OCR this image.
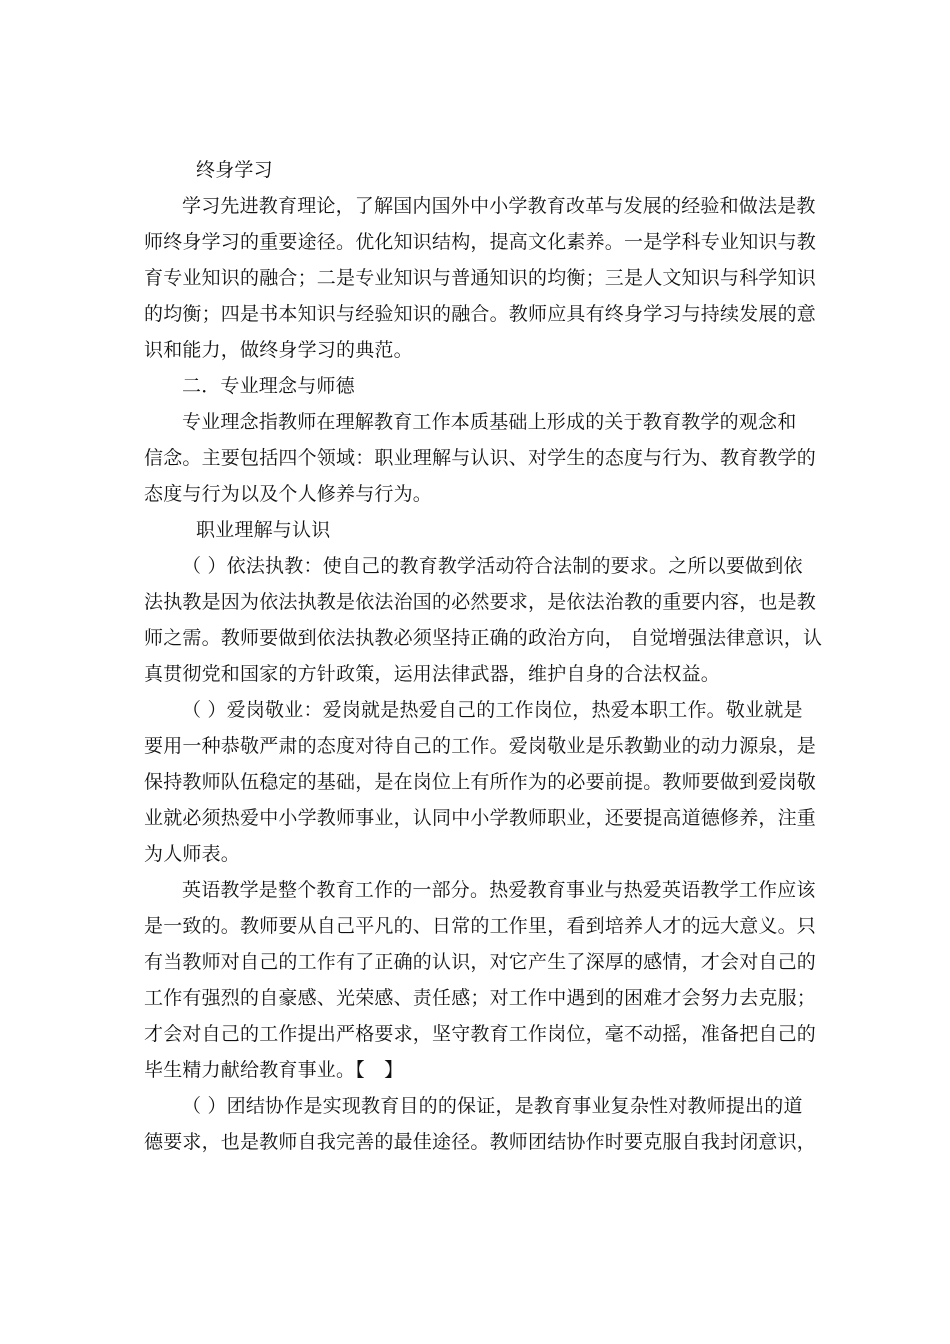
终身学习
学习先进教育理论，了解国内国外中小学教育改革与发展的经验和做法是教
师终身学习的重要途径。优化知识结构，提高文化素养。一是学科专业知识与教
育专业知识的融合；二是专业知识与普通知识的均衡；三是人文知识与科学知识
的均衡；四是书本知识与经验知识的融合。教师应具有终身学习与持续发展的意
识和能力，做终身学习的典范。
二．专业理念与师德
专业理念指教师在理解教育工作本质基础上形成的关于教育教学的观念和
信念。主要包括四个领域：职业理解与认识、对学生的态度与行为、教育教学的
态度与行为以及个人修养与行为。
职业理解与认识
（ ）依法执教：使自己的教育教学活动符合法制的要求。之所以要做到依
法执教是因为依法执教是依法治国的必然要求，是依法治教的重要内容，也是教
师之需。教师要做到依法执教必须坚持正确的政治方向， 自觉增强法律意识，认
真贯彻党和国家的方针政策，运用法律武器，维护自身的合法权益。
（ ）爱岗敬业：爱岗就是热爱自己的工作岗位，热爱本职工作。敬业就是
要用一种恭敬严肃的态度对待自己的工作。爱岗敬业是乐教勤业的动力源泉，是
保持教师队伍稳定的基础，是在岗位上有所作为的必要前提。教师要做到爱岗敬
业就必须热爱中小学教师事业，认同中小学教师职业，还要提高道德修养，注重
为人师表。
英语教学是整个教育工作的一部分。热爱教育事业与热爱英语教学工作应该
是一致的。教师要从自己平凡的、日常的工作里，看到培养人才的远大意义。只
有当教师对自己的工作有了正确的认识，对它产生了深厚的感情，才会对自己的
工作有强烈的自豪感、光荣感、责任感；对工作中遇到的困难才会努力去克服；
才会对自己的工作提出严格要求，坚守教育工作岗位，毫不动摇，准备把自己的
毕生精力献给教育事业。【　】
（ ）团结协作是实现教育目的的保证，是教育事业复杂性对教师提出的道
德要求，也是教师自我完善的最佳途径。教师团结协作时要克服自我封闭意识，
